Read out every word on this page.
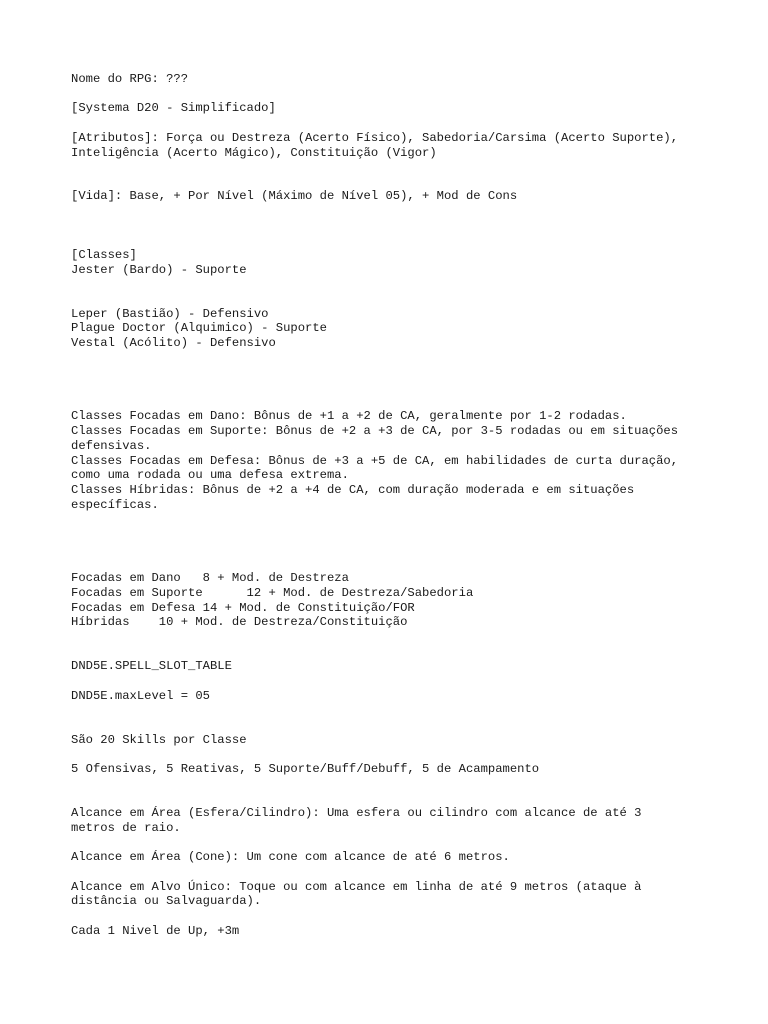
Nome do RPG: ???

[Systema D20 - Simplificado]

[Atributos]: Força ou Destreza (Acerto Físico), Sabedoria/Carsima (Acerto Suporte),

Inteligência (Acerto Mágico), Constituição (Vigor)

[Vida]: Base, + Por Nível (Máximo de Nível 05), + Mod de Cons

[Classes]

Jester (Bardo) - Suporte

Leper (Bastião) - Defensivo

Plague Doctor (Alquimico) - Suporte

Vestal (Acólito) - Defensivo

Classes Focadas em Dano: Bônus de +1 a +2 de CA, geralmente por 1-2 rodadas.

Classes Focadas em Suporte: Bônus de +2 a +3 de CA, por 3-5 rodadas ou em situações

defensivas.

Classes Focadas em Defesa: Bônus de +3 a +5 de CA, em habilidades de curta duração,

como uma rodada ou uma defesa extrema.

Classes Híbridas: Bônus de +2 a +4 de CA, com duração moderada e em situações

específicas.

Focadas em Dano   8 + Mod. de Destreza

Focadas em Suporte      12 + Mod. de Destreza/Sabedoria

Focadas em Defesa 14 + Mod. de Constituição/FOR

Híbridas    10 + Mod. de Destreza/Constituição

DND5E.SPELL_SLOT_TABLE

DND5E.maxLevel = 05

São 20 Skills por Classe

5 Ofensivas, 5 Reativas, 5 Suporte/Buff/Debuff, 5 de Acampamento

Alcance em Área (Esfera/Cilindro): Uma esfera ou cilindro com alcance de até 3

metros de raio.

Alcance em Área (Cone): Um cone com alcance de até 6 metros.

Alcance em Alvo Único: Toque ou com alcance em linha de até 9 metros (ataque à

distância ou Salvaguarda).

Cada 1 Nivel de Up, +3m
